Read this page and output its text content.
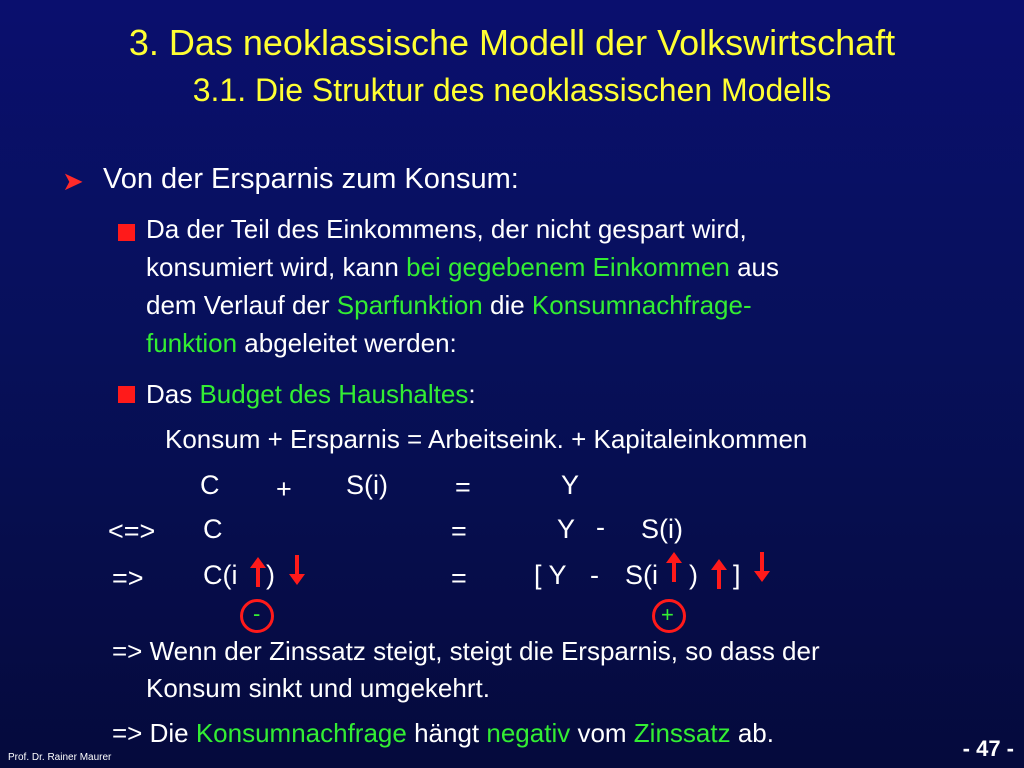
3. Das neoklassische Modell der Volkswirtschaft
3.1. Die Struktur des neoklassischen Modells
➤ Von der Ersparnis zum Konsum:
Da der Teil des Einkommens, der nicht gespart wird,
konsumiert wird, kann bei gegebenem Einkommen aus
dem Verlauf der Sparfunktion die Konsumnachfrage-
funktion abgeleitet werden:
Das Budget des Haushaltes:
Konsum + Ersparnis = Arbeitseink. + Kapitaleinkommen
C + S(i) =	Y
<=> C	=	Y - S(i)
=> C(i )	= [ Y - S(i ) ]
-	+
=> Wenn der Zinssatz steigt, steigt die Ersparnis, so dass der
Konsum sinkt und umgekehrt.
=> Die Konsumnachfrage hängt negativ vom Zinssatz ab.
Prof. Dr. Rainer Maurer	- 47 -
